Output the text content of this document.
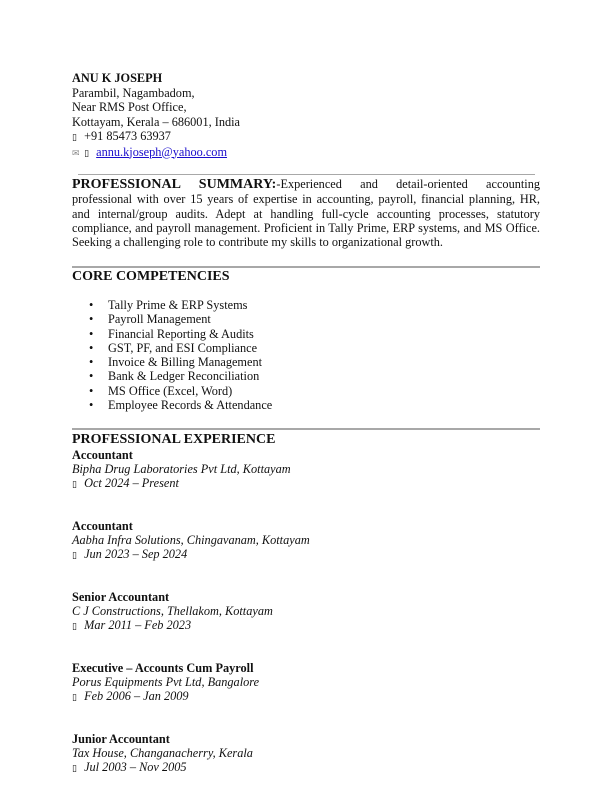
ANU K JOSEPH
Parambil, Nagambadom,
Near RMS Post Office,
Kottayam, Kerala – 686001, India
▯ +91 85473 63937
✉ ▯ annu.kjoseph@yahoo.com
PROFESSIONAL SUMMARY:-Experienced and detail-oriented accounting professional with over 15 years of expertise in accounting, payroll, financial planning, HR, and internal/group audits. Adept at handling full-cycle accounting processes, statutory compliance, and payroll management. Proficient in Tally Prime, ERP systems, and MS Office. Seeking a challenging role to contribute my skills to organizational growth.
CORE COMPETENCIES
• Tally Prime & ERP Systems
• Payroll Management
• Financial Reporting & Audits
• GST, PF, and ESI Compliance
• Invoice & Billing Management
• Bank & Ledger Reconciliation
• MS Office (Excel, Word)
• Employee Records & Attendance
PROFESSIONAL EXPERIENCE
Accountant
Bipha Drug Laboratories Pvt Ltd, Kottayam
▯ Oct 2024 – Present
Accountant
Aabha Infra Solutions, Chingavanam, Kottayam
▯ Jun 2023 – Sep 2024
Senior Accountant
C J Constructions, Thellakom, Kottayam
▯ Mar 2011 – Feb 2023
Executive – Accounts Cum Payroll
Porus Equipments Pvt Ltd, Bangalore
▯ Feb 2006 – Jan 2009
Junior Accountant
Tax House, Changanacherry, Kerala
▯ Jul 2003 – Nov 2005
